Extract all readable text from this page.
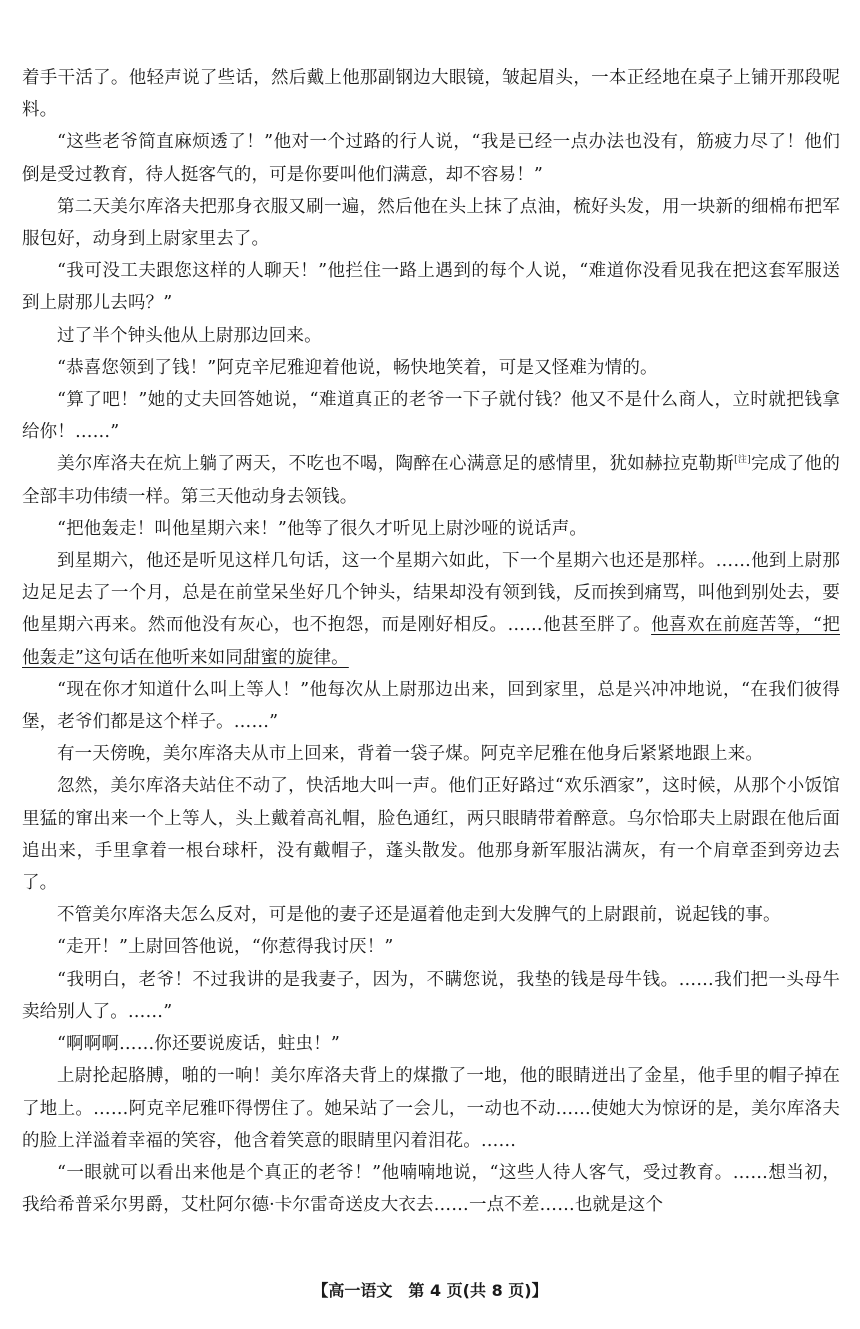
着手干活了。他轻声说了些话，然后戴上他那副钢边大眼镜，皱起眉头，一本正经地在桌子上铺开那段呢料。

“这些老爷简直麻烦透了！”他对一个过路的行人说，“我是已经一点办法也没有，筋疲力尽了！他们倒是受过教育，待人挺客气的，可是你要叫他们满意，却不容易！”

第二天美尔库洛夫把那身衣服又刷一遍，然后他在头上抹了点油，梳好头发，用一块新的细棉布把军服包好，动身到上尉家里去了。

“我可没工夫跟您这样的人聊天！”他拦住一路上遇到的每个人说，“难道你没看见我在把这套军服送到上尉那儿去吗？”

过了半个钟头他从上尉那边回来。

“恭喜您领到了钱！”阿克辛尼雅迎着他说，畅快地笑着，可是又怪难为情的。

“算了吧！”她的丈夫回答她说，“难道真正的老爷一下子就付钱？他又不是什么商人，立时就把钱拿给你！……”

美尔库洛夫在炕上躺了两天，不吃也不喝，陶醉在心满意足的感情里，犹如赫拉克勒斯[注]完成了他的全部丰功伟绩一样。第三天他动身去领钱。

“把他轰走！叫他星期六来！”他等了很久才听见上尉沙哑的说话声。

到星期六，他还是听见这样几句话，这一个星期六如此，下一个星期六也还是那样。……他到上尉那边足足去了一个月，总是在前堂呆坐好几个钟头，结果却没有领到钱，反而挨到痛骂，叫他到别处去，要他星期六再来。然而他没有灰心，也不抱怨，而是刚好相反。……他甚至胖了。他喜欢在前庭苦等，“把他轰走”这句话在他听来如同甜蜜的旋律。

“现在你才知道什么叫上等人！”他每次从上尉那边出来，回到家里，总是兴冲冲地说，“在我们彼得堡，老爷们都是这个样子。……”

有一天傍晚，美尔库洛夫从市上回来，背着一袋子煤。阿克辛尼雅在他身后紧紧地跟上来。

忽然，美尔库洛夫站住不动了，快活地大叫一声。他们正好路过“欢乐酒家”，这时候，从那个小饭馆里猛的窜出来一个上等人，头上戴着高礼帽，脸色通红，两只眼睛带着醉意。乌尔恰耶夫上尉跟在他后面追出来，手里拿着一根台球杆，没有戴帽子，蓬头散发。他那身新军服沾满灰，有一个肩章歪到旁边去了。

不管美尔库洛夫怎么反对，可是他的妻子还是逼着他走到大发脾气的上尉跟前，说起钱的事。

“走开！”上尉回答他说，“你惹得我讨厌！”

“我明白，老爷！不过我讲的是我妻子，因为，不瞒您说，我垫的钱是母牛钱。……我们把一头母牛卖给别人了。……”

“啊啊啊……你还要说废话，蛀虫！”

上尉抡起胳膊，啪的一响！美尔库洛夫背上的煤撒了一地，他的眼睛迸出了金星，他手里的帽子掉在了地上。……阿克辛尼雅吓得愣住了。她呆站了一会儿，一动也不动……使她大为惊讶的是，美尔库洛夫的脸上洋溢着幸福的笑容，他含着笑意的眼睛里闪着泪花。……

“一眼就可以看出来他是个真正的老爷！”他喃喃地说，“这些人待人客气，受过教育。……想当初，我给希普采尔男爵，艾杜阿尔德·卡尔雷奇送皮大衣去……一点不差……也就是这个

【高一语文　第 4 页(共 8 页)】
